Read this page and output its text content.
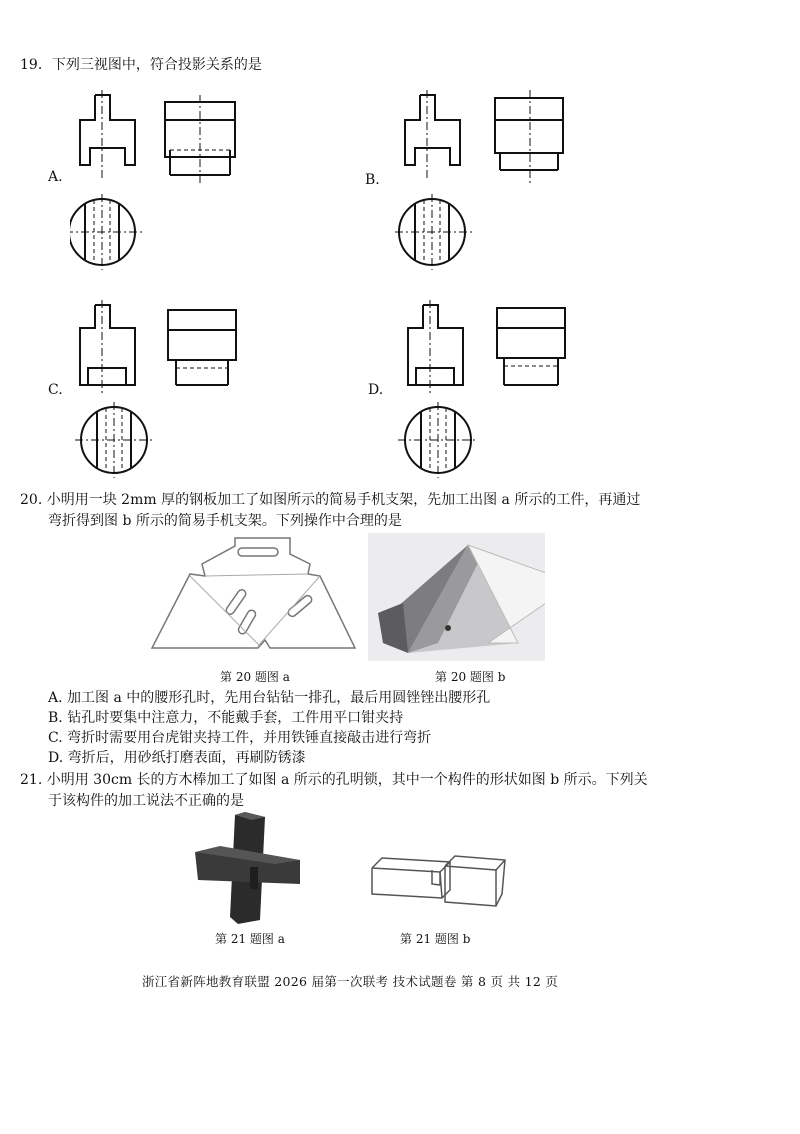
19．下列三视图中，符合投影关系的是
A.	B.
C.	D.
20. 小明用一块 2mm 厚的钢板加工了如图所示的简易手机支架，先加工出图 a 所示的工件，再通过
弯折得到图 b 所示的简易手机支架。下列操作中合理的是
第 20 题图 a	第 20 题图 b
A. 加工图 a 中的腰形孔时，先用台钻钻一排孔，最后用圆锉锉出腰形孔
B. 钻孔时要集中注意力，不能戴手套，工件用平口钳夹持
C. 弯折时需要用台虎钳夹持工件，并用铁锤直接敲击进行弯折
D. 弯折后，用砂纸打磨表面，再刷防锈漆
21. 小明用 30cm 长的方木棒加工了如图 a 所示的孔明锁，其中一个构件的形状如图 b 所示。下列关
于该构件的加工说法不正确的是
第 21 题图 a	第 21 题图 b
浙江省新阵地教育联盟 2026 届第一次联考 技术试题卷 第 8 页 共 12 页
